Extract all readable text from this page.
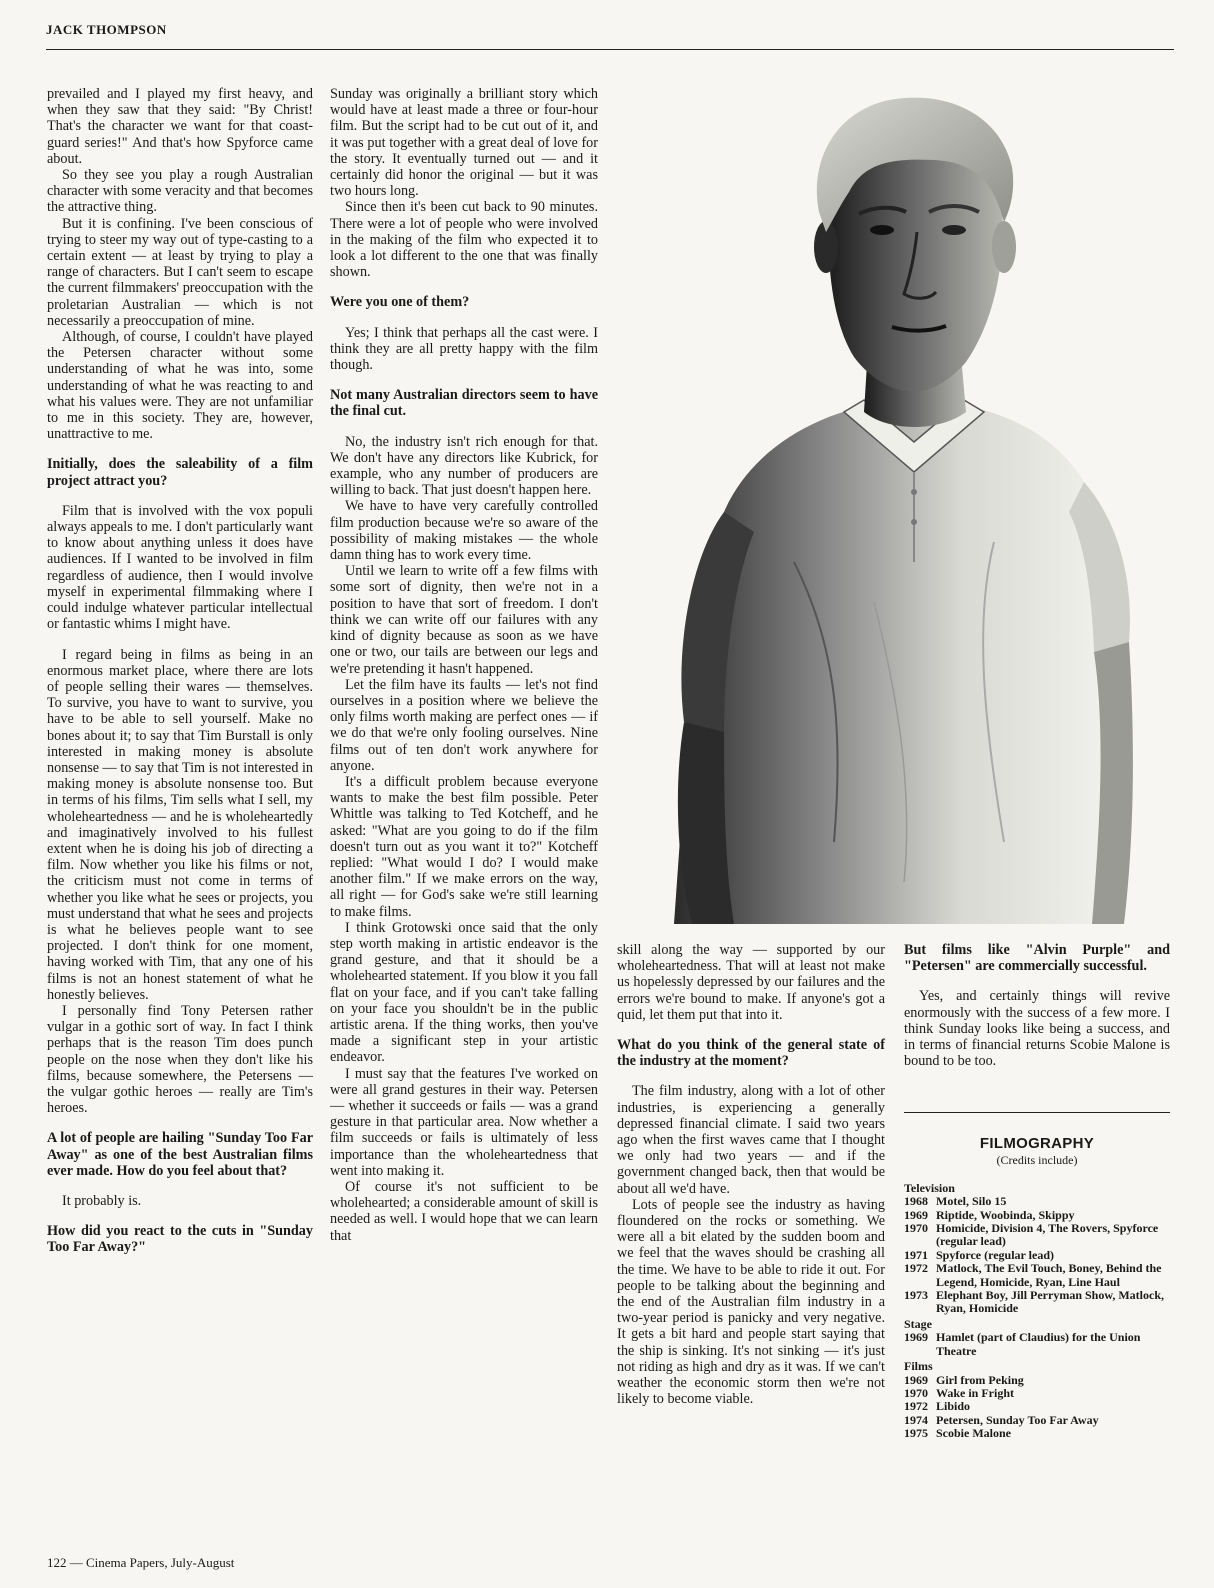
JACK THOMPSON

prevailed and I played my first heavy, and when they saw that they said: "By Christ! That's the character we want for that coast-guard series!" And that's how Spyforce came about.

So they see you play a rough Australian character with some veracity and that becomes the attractive thing.

But it is confining. I've been conscious of trying to steer my way out of type-casting to a certain extent — at least by trying to play a range of characters. But I can't seem to escape the current filmmakers' preoccupation with the proletarian Australian — which is not necessarily a preoccupation of mine.

Although, of course, I couldn't have played the Petersen character without some understanding of what he was into, some understanding of what he was reacting to and what his values were. They are not unfamiliar to me in this society. They are, however, unattractive to me.

Initially, does the saleability of a film project attract you?

Film that is involved with the vox populi always appeals to me. I don't particularly want to know about anything unless it does have audiences. If I wanted to be involved in film regardless of audience, then I would involve myself in experimental filmmaking where I could indulge whatever particular intellectual or fantastic whims I might have.

I regard being in films as being in an enormous market place, where there are lots of people selling their wares — themselves. To survive, you have to want to survive, you have to be able to sell yourself. Make no bones about it; to say that Tim Burstall is only interested in making money is absolute nonsense — to say that Tim is not interested in making money is absolute nonsense too. But in terms of his films, Tim sells what I sell, my wholeheartedness — and he is wholeheartedly and imaginatively involved to his fullest extent when he is doing his job of directing a film. Now whether you like his films or not, the criticism must not come in terms of whether you like what he sees or projects, you must understand that what he sees and projects is what he believes people want to see projected. I don't think for one moment, having worked with Tim, that any one of his films is not an honest statement of what he honestly believes.

I personally find Tony Petersen rather vulgar in a gothic sort of way. In fact I think perhaps that is the reason Tim does punch people on the nose when they don't like his films, because somewhere, the Petersens — the vulgar gothic heroes — really are Tim's heroes.

A lot of people are hailing "Sunday Too Far Away" as one of the best Australian films ever made. How do you feel about that?

It probably is.

How did you react to the cuts in "Sunday Too Far Away?"

Sunday was originally a brilliant story which would have at least made a three or four-hour film. But the script had to be cut out of it, and it was put together with a great deal of love for the story. It eventually turned out — and it certainly did honor the original — but it was two hours long.

Since then it's been cut back to 90 minutes. There were a lot of people who were involved in the making of the film who expected it to look a lot different to the one that was finally shown.

Were you one of them?

Yes; I think that perhaps all the cast were. I think they are all pretty happy with the film though.

Not many Australian directors seem to have the final cut.

No, the industry isn't rich enough for that. We don't have any directors like Kubrick, for example, who any number of producers are willing to back. That just doesn't happen here.

We have to have very carefully controlled film production because we're so aware of the possibility of making mistakes — the whole damn thing has to work every time.

Until we learn to write off a few films with some sort of dignity, then we're not in a position to have that sort of freedom. I don't think we can write off our failures with any kind of dignity because as soon as we have one or two, our tails are between our legs and we're pretending it hasn't happened.

Let the film have its faults — let's not find ourselves in a position where we believe the only films worth making are perfect ones — if we do that we're only fooling ourselves. Nine films out of ten don't work anywhere for anyone.

It's a difficult problem because everyone wants to make the best film possible. Peter Whittle was talking to Ted Kotcheff, and he asked: "What are you going to do if the film doesn't turn out as you want it to?" Kotcheff replied: "What would I do? I would make another film." If we make errors on the way, all right — for God's sake we're still learning to make films.

I think Grotowski once said that the only step worth making in artistic endeavor is the grand gesture, and that it should be a wholehearted statement. If you blow it you fall flat on your face, and if you can't take falling on your face you shouldn't be in the public artistic arena. If the thing works, then you've made a significant step in your artistic endeavor.

I must say that the features I've worked on were all grand gestures in their way. Petersen — whether it succeeds or fails — was a grand gesture in that particular area. Now whether a film succeeds or fails is ultimately of less importance than the wholeheartedness that went into making it.

Of course it's not sufficient to be wholehearted; a considerable amount of skill is needed as well. I would hope that we can learn that

skill along the way — supported by our wholeheartedness. That will at least not make us hopelessly depressed by our failures and the errors we're bound to make. If anyone's got a quid, let them put that into it.

What do you think of the general state of the industry at the moment?

The film industry, along with a lot of other industries, is experiencing a generally depressed financial climate. I said two years ago when the first waves came that I thought we only had two years — and if the government changed back, then that would be about all we'd have.

Lots of people see the industry as having floundered on the rocks or something. We were all a bit elated by the sudden boom and we feel that the waves should be crashing all the time. We have to be able to ride it out. For people to be talking about the beginning and the end of the Australian film industry in a two-year period is panicky and very negative. It gets a bit hard and people start saying that the ship is sinking. It's not sinking — it's just not riding as high and dry as it was. If we can't weather the economic storm then we're not likely to become viable.

But films like "Alvin Purple" and "Petersen" are commercially successful.

Yes, and certainly things will revive enormously with the success of a few more. I think Sunday looks like being a success, and in terms of financial returns Scobie Malone is bound to be too.

FILMOGRAPHY
(Credits include)
Television
1968 Motel, Silo 15
1969 Riptide, Woobinda, Skippy
1970 Homicide, Division 4, The Rovers, Spyforce (regular lead)
1971 Spyforce (regular lead)
1972 Matlock, The Evil Touch, Boney, Behind the Legend, Homicide, Ryan, Line Haul
1973 Elephant Boy, Jill Perryman Show, Matlock, Ryan, Homicide
Stage
1969 Hamlet (part of Claudius) for the Union Theatre
Films
1969 Girl from Peking
1970 Wake in Fright
1972 Libido
1974 Petersen, Sunday Too Far Away
1975 Scobie Malone
122 — Cinema Papers, July-August
